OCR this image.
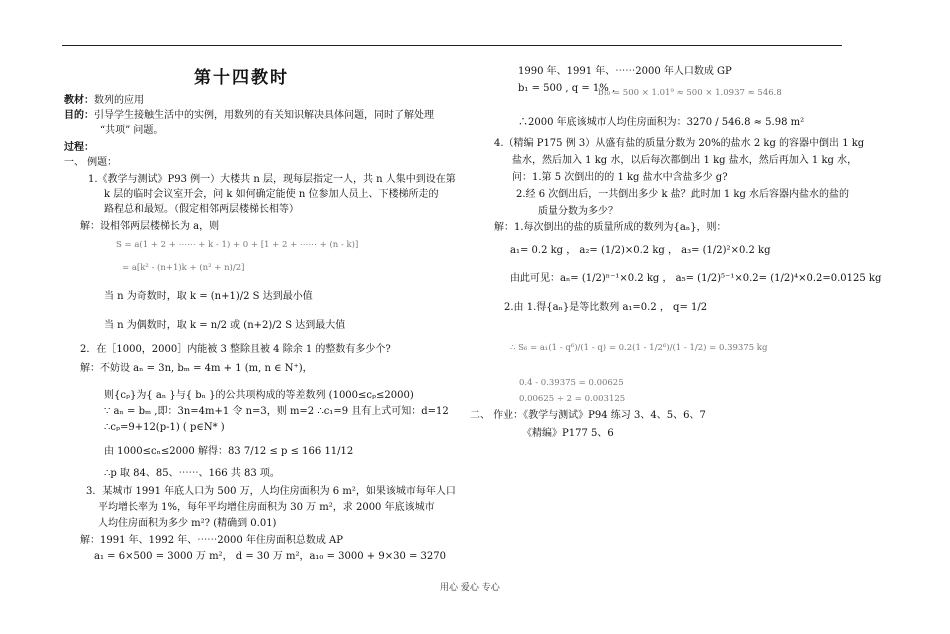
第十四教时
教材：数列的应用
目的：引导学生接触生活中的实例，用数列的有关知识解决具体问题，同时了解处理
“共项” 问题。
过程：
一、 例题：
1.《教学与测试》P93 例一）大楼共 n 层，现每层指定一人，共 n 人集中到设在第
k 层的临时会议室开会，问 k 如何确定能使 n 位参加人员上、下楼梯所走的
路程总和最短。（假定相邻两层楼梯长相等）
解：设相邻两层楼梯长为 a，则
S = a(1 + 2 + ⋯⋯ + k - 1) + 0 + [1 + 2 + ⋯⋯ + (n - k)]
= a[k² - (n+1)k + (n² + n)/2]
当 n 为奇数时，取 k = (n+1)/2 S 达到最小值
当 n 为偶数时，取 k = n/2 或 (n+2)/2 S 达到最大值
2．在［1000，2000］内能被 3 整除且被 4 除余 1 的整数有多少个?
解：不妨设 aₙ = 3n, bₘ = 4m + 1 (m, n ∈ N⁺)，
则{cₚ}为{ aₙ }与{ bₙ }的公共项构成的等差数列 (1000≤cₚ≤2000)
∵ aₙ = bₘ ,即：3n=4m+1 令 n=3，则 m=2 ∴c₁=9 且有上式可知：d=12
∴cₚ=9+12(p-1) ( p∈N* )
由 1000≤cₙ≤2000 解得：83 7/12 ≤ p ≤ 166 11/12
∴p 取 84、85、⋯⋯、166 共 83 项。
3．某城市 1991 年底人口为 500 万，人均住房面积为 6 m²，如果该城市每年人口
平均增长率为 1%，每年平均增住房面积为 30 万 m²，求 2000 年底该城市
人均住房面积为多少 m²? (精确到 0.01)
解：1991 年、1992 年、⋯⋯2000 年住房面积总数成 AP
a₁ = 6×500 = 3000 万 m²， d = 30 万 m²，a₁₀ = 3000 + 9×30 = 3270
1990 年、1991 年、⋯⋯2000 年人口数成 GP
b₁ = 500 , q = 1% ,
b₁₀ = 500 × 1.01⁹ ≈ 500 × 1.0937 ≈ 546.8
∴2000 年底该城市人均住房面积为：3270 / 546.8 ≈ 5.98 m²
4.（精编 P175 例 3）从盛有盐的质量分数为 20%的盐水 2 kg 的容器中倒出 1 kg
盐水，然后加入 1 kg 水，以后每次都倒出 1 kg 盐水，然后再加入 1 kg 水，
问：1.第 5 次倒出的的 1 kg 盐水中含盐多少 g?
2.经 6 次倒出后，一共倒出多少 k 盐？此时加 1 kg 水后容器内盐水的盐的
质量分数为多少？
解：1.每次倒出的盐的质量所成的数列为{aₙ}，则：
a₁= 0.2 kg ， a₂= (1/2)×0.2 kg ， a₃= (1/2)²×0.2 kg
由此可见：aₙ= (1/2)ⁿ⁻¹×0.2 kg ， a₅= (1/2)⁵⁻¹×0.2= (1/2)⁴×0.2=0.0125 kg
2.由 1.得{aₙ}是等比数列 a₁=0.2 ， q= 1/2
∴ S₆ = a₁(1 - q⁶)/(1 - q) = 0.2(1 - 1/2⁶)/(1 - 1/2) = 0.39375 kg
0.4 - 0.39375 = 0.00625
0.00625 ÷ 2 = 0.003125
二、 作业：《教学与测试》P94 练习 3、4、5、6、7
《精编》P177 5、6
用心 爱心 专心
